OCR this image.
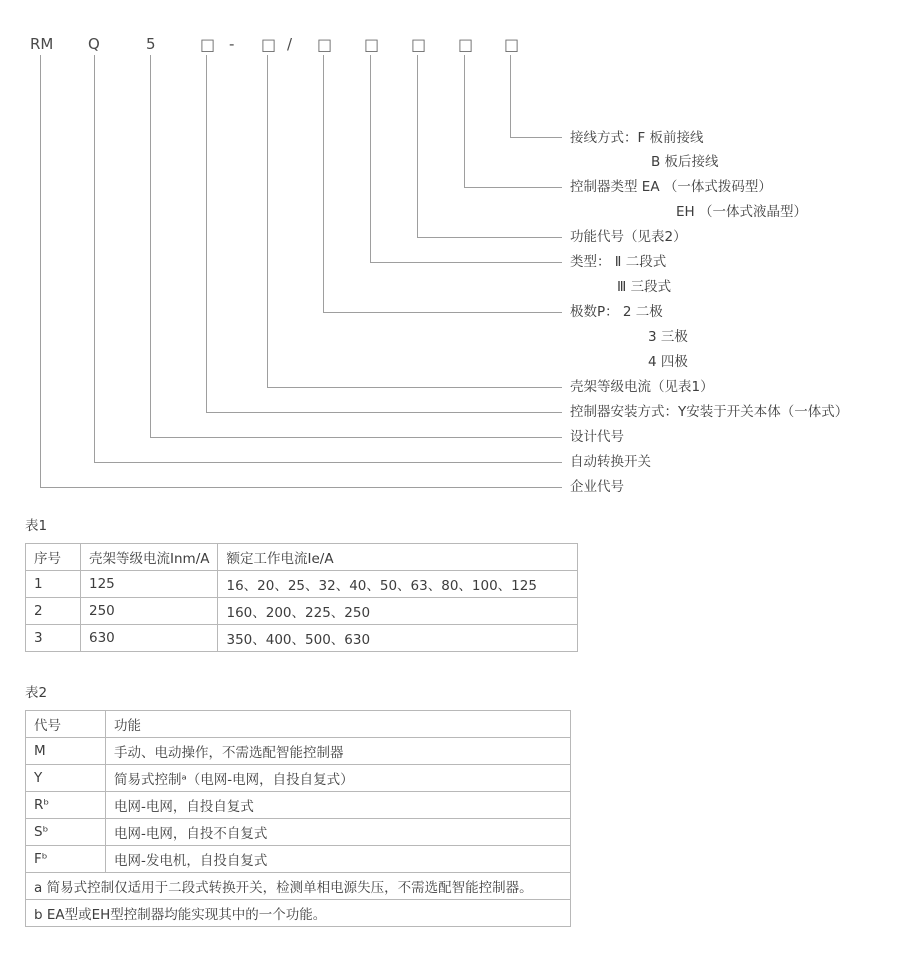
RM Q	5	□ - □ / □ □ □ □ □
接线方式：F 板前接线
B 板后接线
控制器类型 EA （一体式拨码型）
EH （一体式液晶型）
功能代号（见表2）
类型： Ⅱ 二段式
Ⅲ 三段式
极数P： 2 二极
3 三极
4 四极
壳架等级电流（见表1）
控制器安装方式：Y安装于开关本体（一体式）
设计代号
自动转换开关
企业代号
表1
序号	壳架等级电流Inm/A	额定工作电流Ie/A
1	125	16、20、25、32、40、50、63、80、100、125
2	250	160、200、225、250
3	630	350、400、500、630
表2
代号	功能
M	手动、电动操作，不需选配智能控制器
Y	简易式控制ᵃ（电网-电网，自投自复式）
Rᵇ	电网-电网，自投自复式
Sᵇ	电网-电网，自投不自复式
Fᵇ	电网-发电机，自投自复式
a 简易式控制仅适用于二段式转换开关，检测单相电源失压，不需选配智能控制器。	
b EA型或EH型控制器均能实现其中的一个功能。	
